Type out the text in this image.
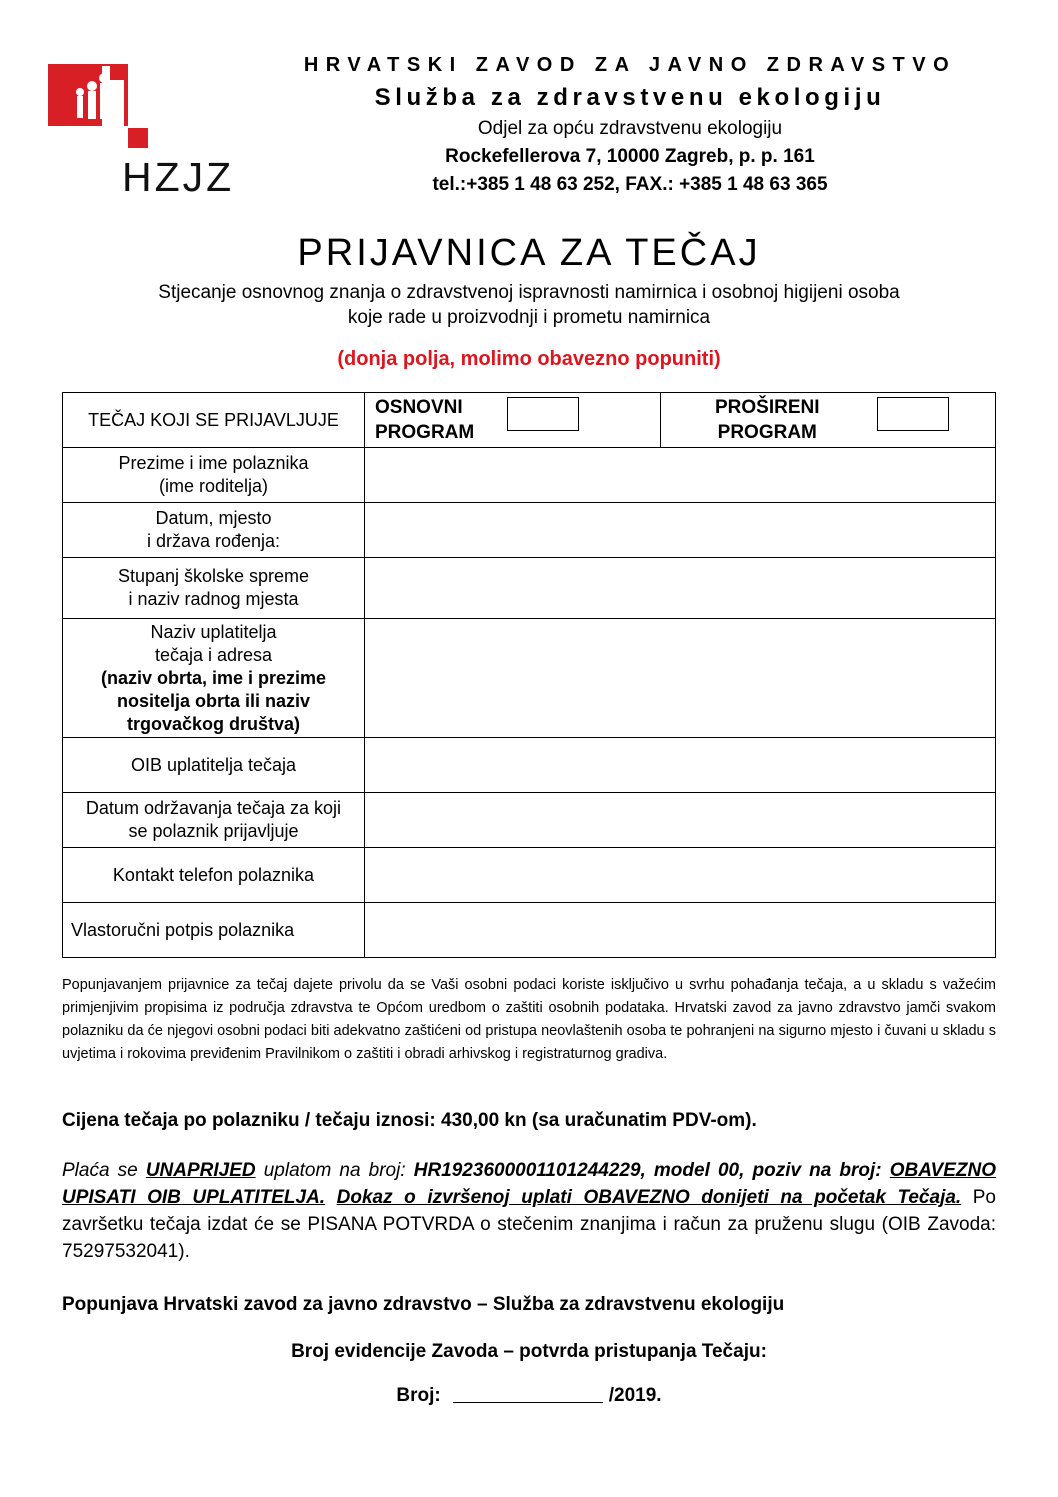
HZJZ
HRVATSKI ZAVOD ZA JAVNO ZDRAVSTVO
Služba za zdravstvenu ekologiju
Odjel za opću zdravstvenu ekologiju
Rockefellerova 7, 10000 Zagreb, p. p. 161
tel.:+385 1 48 63 252, FAX.: +385 1 48 63 365
PRIJAVNICA ZA TEČAJ
Stjecanje osnovnog znanja o zdravstvenoj ispravnosti namirnica i osobnoj higijeni osoba
koje rade u proizvodnji i prometu namirnica
(donja polja, molimo obavezno popuniti)
TEČAJ KOJI SE PRIJAVLJUJE
OSNOVNI
PROGRAM
PROŠIRENI
PROGRAM
Prezime i ime polaznika
(ime roditelja)
Datum, mjesto
i država rođenja:
Stupanj školske spreme
i naziv radnog mjesta
Naziv uplatitelja
tečaja i adresa
(naziv obrta, ime i prezime
nositelja obrta ili naziv
trgovačkog društva)
OIB uplatitelja tečaja
Datum održavanja tečaja za koji
se polaznik prijavljuje
Kontakt telefon polaznika
Vlastoručni potpis polaznika
Popunjavanjem prijavnice za tečaj dajete privolu da se Vaši osobni podaci koriste isključivo u svrhu pohađanja tečaja, a u skladu s važećim primjenjivim propisima iz područja zdravstva te Općom uredbom o zaštiti osobnih podataka. Hrvatski zavod za javno zdravstvo jamči svakom polazniku da će njegovi osobni podaci biti adekvatno zaštićeni od pristupa neovlaštenih osoba te pohranjeni na sigurno mjesto i čuvani u skladu s uvjetima i rokovima previđenim Pravilnikom o zaštiti i obradi arhivskog i registraturnog gradiva.
Cijena tečaja po polazniku / tečaju iznosi: 430,00 kn (sa uračunatim PDV-om).
Plaća se UNAPRIJED uplatom na broj: HR1923600001101244229, model 00, poziv na broj: OBAVEZNO UPISATI OIB UPLATITELJA. Dokaz o izvršenoj uplati OBAVEZNO donijeti na početak Tečaja. Po završetku tečaja izdat će se PISANA POTVRDA o stečenim znanjima i račun za pruženu slugu (OIB Zavoda: 75297532041).
Popunjava Hrvatski zavod za javno zdravstvo – Služba za zdravstvenu ekologiju
Broj evidencije Zavoda – potvrda pristupanja Tečaju:
Broj:	/2019.
